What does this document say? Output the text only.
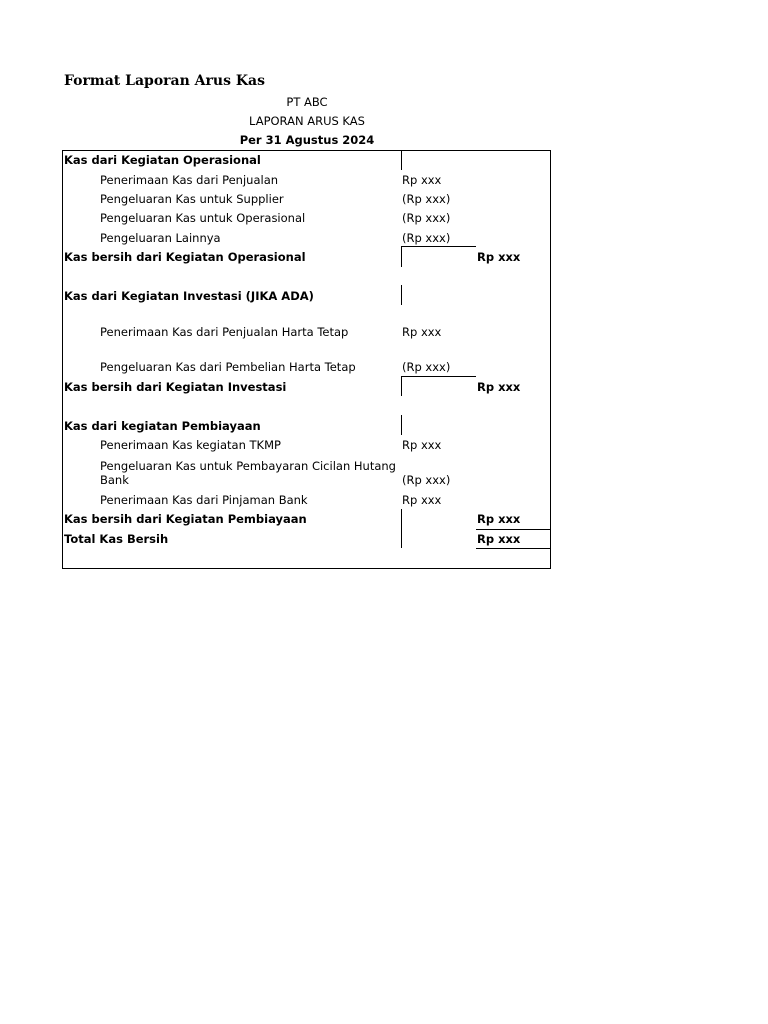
Format Laporan Arus Kas
PT ABC
LAPORAN ARUS KAS
Per 31 Agustus 2024
Kas dari Kegiatan Operasional
Penerimaan Kas dari Penjualan	Rp xxx
Pengeluaran Kas untuk Supplier	(Rp xxx)
Pengeluaran Kas untuk Operasional	(Rp xxx)
Pengeluaran Lainnya	(Rp xxx)
Kas bersih dari Kegiatan Operasional	Rp xxx
Kas dari Kegiatan Investasi (JIKA ADA)
Penerimaan Kas dari Penjualan Harta Tetap	Rp xxx
Pengeluaran Kas dari Pembelian Harta Tetap	(Rp xxx)
Kas bersih dari Kegiatan Investasi	Rp xxx
Kas dari kegiatan Pembiayaan
Penerimaan Kas kegiatan TKMP	Rp xxx
Pengeluaran Kas untuk Pembayaran Cicilan Hutang
Bank	(Rp xxx)
Penerimaan Kas dari Pinjaman Bank	Rp xxx
Kas bersih dari Kegiatan Pembiayaan	Rp xxx
Total Kas Bersih	Rp xxx
